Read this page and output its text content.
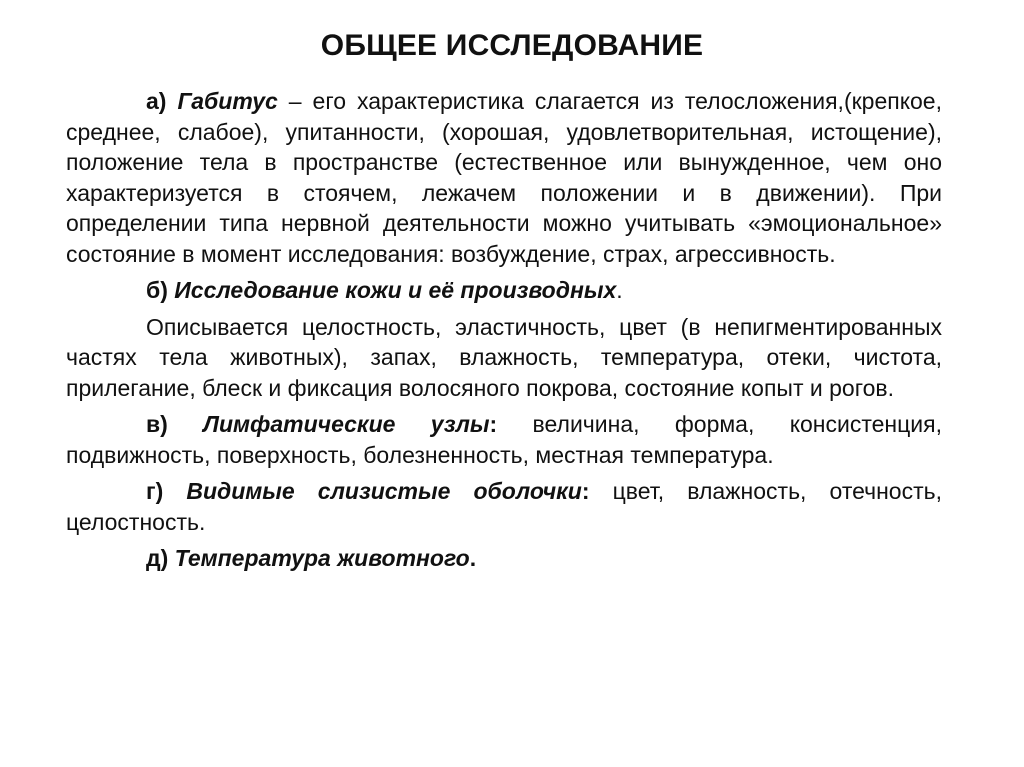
ОБЩЕЕ ИССЛЕДОВАНИЕ

а) Габитус – его характеристика слагается из телосложения,(крепкое, среднее, слабое), упитанности, (хорошая, удовлетворительная, истощение), положение тела в пространстве (естественное или вынужденное, чем оно характеризуется в стоячем, лежачем положении и в движении). При определении типа нервной деятельности можно учитывать «эмоциональное» состояние в момент исследования: возбуждение, страх, агрессивность.

б) Исследование кожи и её производных.

Описывается целостность, эластичность, цвет (в непигментированных частях тела животных), запах, влажность, температура, отеки, чистота, прилегание, блеск и фиксация волосяного покрова, состояние копыт и рогов.

в) Лимфатические узлы: величина, форма, консистенция, подвижность, поверхность, болезненность, местная температура.

г) Видимые слизистые оболочки: цвет, влажность, отечность, целостность.

д) Температура животного.
